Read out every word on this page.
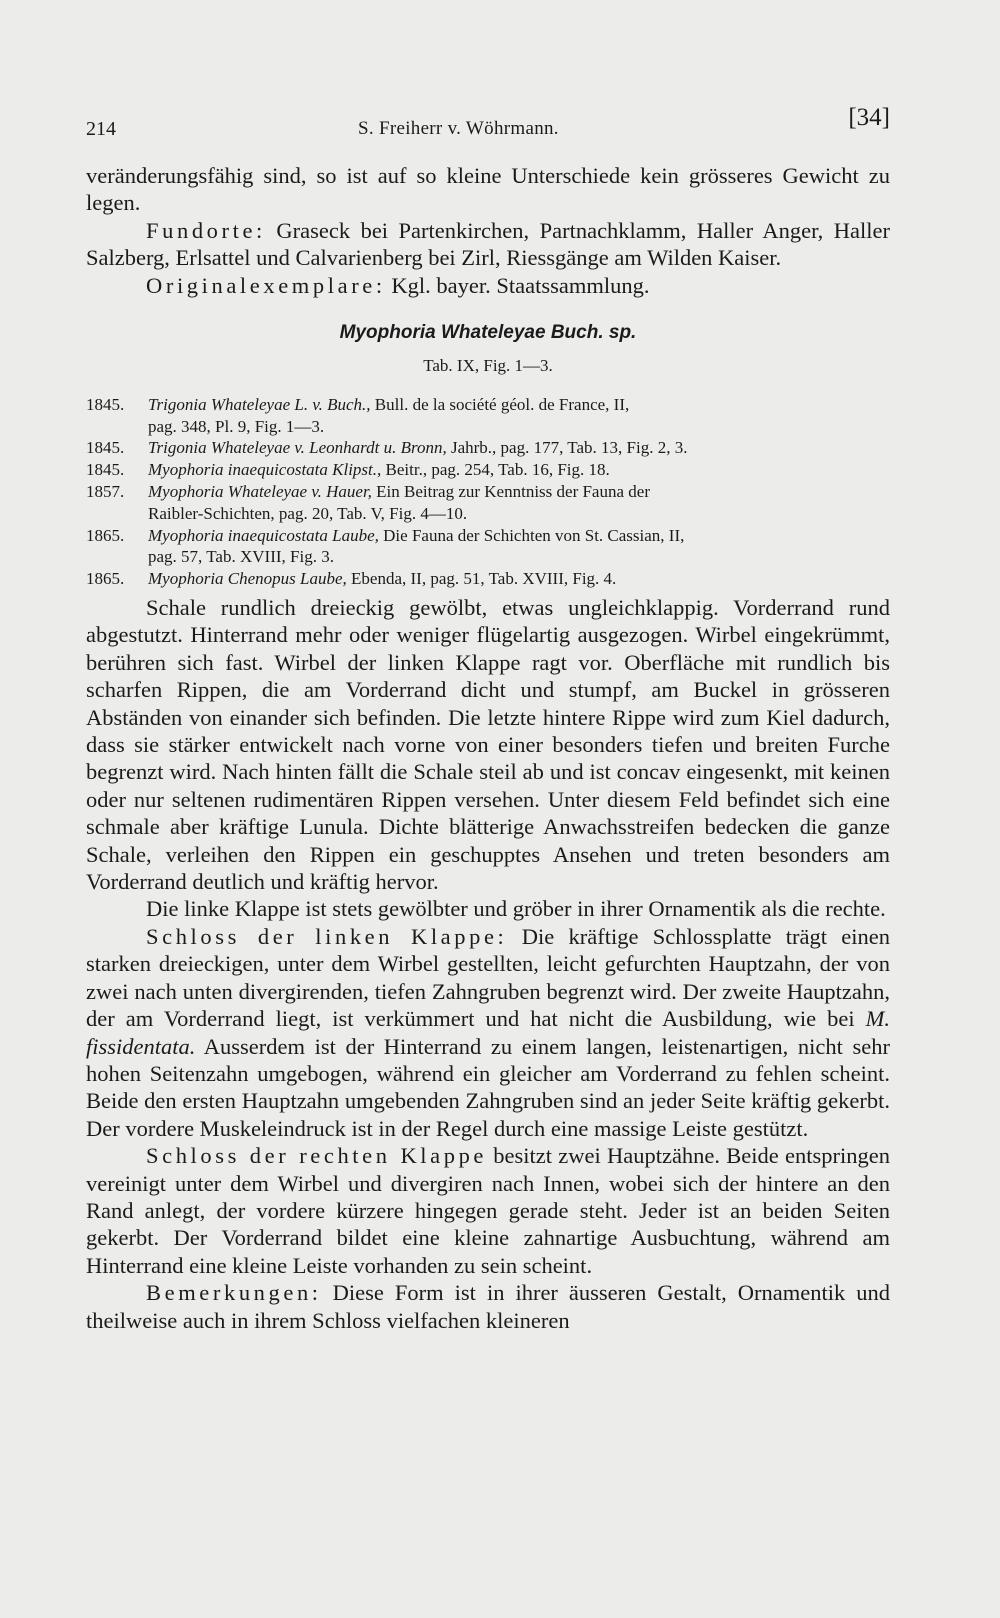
214	S. Freiherr v. Wöhrmann.	[34]

veränderungsfähig sind, so ist auf so kleine Unterschiede kein grösseres Gewicht zu legen.

Fundorte: Graseck bei Partenkirchen, Partnachklamm, Haller Anger, Haller Salzberg, Erlsattel und Calvarienberg bei Zirl, Riessgänge am Wilden Kaiser.

Originalexemplare: Kgl. bayer. Staatssammlung.

Myophoria Whateleyae Buch. sp.
Tab. IX, Fig. 1—3.
1845.	Trigonia Whateleyae L. v. Buch., Bull. de la société géol. de France, II,
pag. 348, Pl. 9, Fig. 1—3.
1845.	Trigonia Whateleyae v. Leonhardt u. Bronn, Jahrb., pag. 177, Tab. 13, Fig. 2, 3.
1845.	Myophoria inaequicostata Klipst., Beitr., pag. 254, Tab. 16, Fig. 18.
1857.	Myophoria Whateleyae v. Hauer, Ein Beitrag zur Kenntniss der Fauna der
Raibler-Schichten, pag. 20, Tab. V, Fig. 4—10.
1865.	Myophoria inaequicostata Laube, Die Fauna der Schichten von St. Cassian, II,
pag. 57, Tab. XVIII, Fig. 3.
1865.	Myophoria Chenopus Laube, Ebenda, II, pag. 51, Tab. XVIII, Fig. 4.

Schale rundlich dreieckig gewölbt, etwas ungleichklappig. Vorderrand rund abgestutzt. Hinterrand mehr oder weniger flügelartig ausgezogen. Wirbel eingekrümmt, berühren sich fast. Wirbel der linken Klappe ragt vor. Oberfläche mit rundlich bis scharfen Rippen, die am Vorderrand dicht und stumpf, am Buckel in grösseren Abständen von einander sich befinden. Die letzte hintere Rippe wird zum Kiel dadurch, dass sie stärker entwickelt nach vorne von einer besonders tiefen und breiten Furche begrenzt wird. Nach hinten fällt die Schale steil ab und ist concav eingesenkt, mit keinen oder nur seltenen rudimentären Rippen versehen. Unter diesem Feld befindet sich eine schmale aber kräftige Lunula. Dichte blätterige Anwachsstreifen bedecken die ganze Schale, verleihen den Rippen ein geschupptes Ansehen und treten besonders am Vorderrand deutlich und kräftig hervor.

Die linke Klappe ist stets gewölbter und gröber in ihrer Ornamentik als die rechte.

Schloss der linken Klappe: Die kräftige Schlossplatte trägt einen starken dreieckigen, unter dem Wirbel gestellten, leicht gefurchten Hauptzahn, der von zwei nach unten divergirenden, tiefen Zahngruben begrenzt wird. Der zweite Hauptzahn, der am Vorderrand liegt, ist verkümmert und hat nicht die Ausbildung, wie bei M. fissidentata. Ausserdem ist der Hinterrand zu einem langen, leistenartigen, nicht sehr hohen Seitenzahn umgebogen, während ein gleicher am Vorderrand zu fehlen scheint. Beide den ersten Hauptzahn umgebenden Zahngruben sind an jeder Seite kräftig gekerbt. Der vordere Muskeleindruck ist in der Regel durch eine massige Leiste gestützt.

Schloss der rechten Klappe besitzt zwei Hauptzähne. Beide entspringen vereinigt unter dem Wirbel und divergiren nach Innen, wobei sich der hintere an den Rand anlegt, der vordere kürzere hingegen gerade steht. Jeder ist an beiden Seiten gekerbt. Der Vorderrand bildet eine kleine zahnartige Ausbuchtung, während am Hinterrand eine kleine Leiste vorhanden zu sein scheint.

Bemerkungen: Diese Form ist in ihrer äusseren Gestalt, Ornamentik und theilweise auch in ihrem Schloss vielfachen kleineren
